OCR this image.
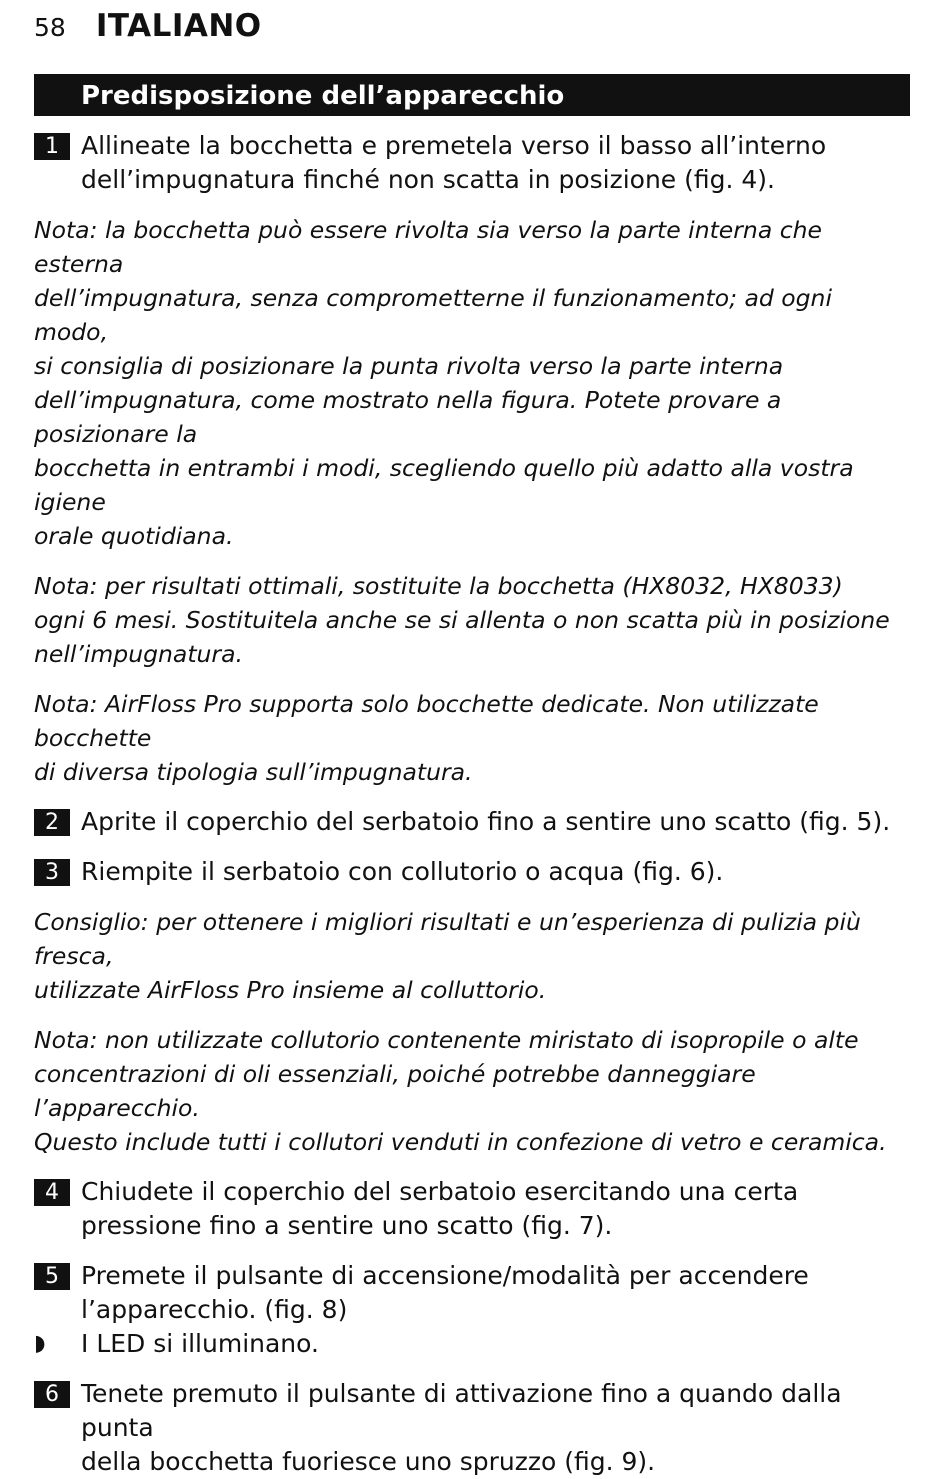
58 ITALIANO
Predisposizione dell’apparecchio
1 Allineate la bocchetta e premetela verso il basso all’interno
dell’impugnatura finché non scatta in posizione (fig. 4).
Nota: la bocchetta può essere rivolta sia verso la parte interna che esterna
dell’impugnatura, senza comprometterne il funzionamento; ad ogni modo,
si consiglia di posizionare la punta rivolta verso la parte interna
dell’impugnatura, come mostrato nella figura. Potete provare a posizionare la
bocchetta in entrambi i modi, scegliendo quello più adatto alla vostra igiene
orale quotidiana.
Nota: per risultati ottimali, sostituite la bocchetta (HX8032, HX8033)
ogni 6 mesi. Sostituitela anche se si allenta o non scatta più in posizione
nell’impugnatura.
Nota: AirFloss Pro supporta solo bocchette dedicate. Non utilizzate bocchette
di diversa tipologia sull’impugnatura.
2 Aprite il coperchio del serbatoio fino a sentire uno scatto (fig. 5).
3 Riempite il serbatoio con collutorio o acqua (fig. 6).
Consiglio: per ottenere i migliori risultati e un’esperienza di pulizia più fresca,
utilizzate AirFloss Pro insieme al colluttorio.
Nota: non utilizzate collutorio contenente miristato di isopropile o alte
concentrazioni di oli essenziali, poiché potrebbe danneggiare l’apparecchio.
Questo include tutti i collutori venduti in confezione di vetro e ceramica.
4 Chiudete il coperchio del serbatoio esercitando una certa
pressione fino a sentire uno scatto (fig. 7).
5 Premete il pulsante di accensione/modalità per accendere
l’apparecchio. (fig. 8)
◗ I LED si illuminano.
6 Tenete premuto il pulsante di attivazione fino a quando dalla punta
della bocchetta fuoriesce uno spruzzo (fig. 9).
